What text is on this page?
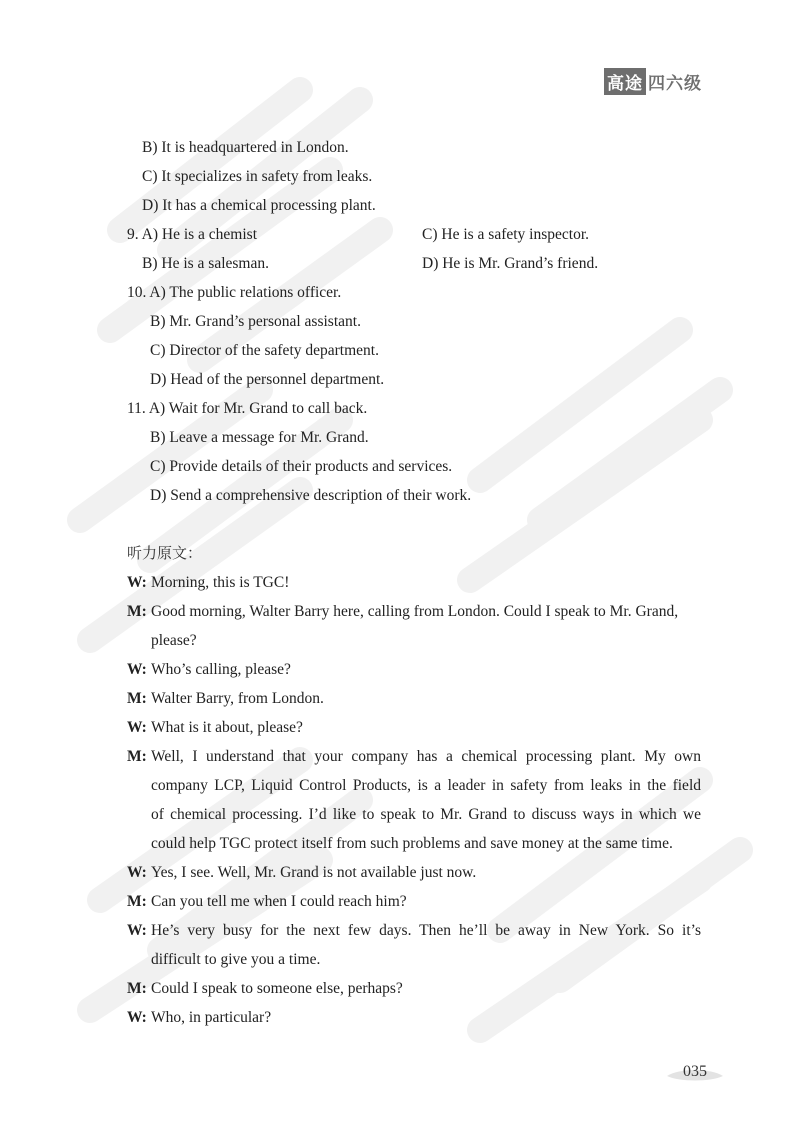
高途 四六级
B) It is headquartered in London.
C) It specializes in safety from leaks.
D) It has a chemical processing plant.
9. A) He is a chemist	C) He is a safety inspector.
B) He is a salesman.	D) He is Mr. Grand’s friend.
10. A) The public relations officer.
B) Mr. Grand’s personal assistant.
C) Director of the safety department.
D) Head of the personnel department.
11. A) Wait for Mr. Grand to call back.
B) Leave a message for Mr. Grand.
C) Provide details of their products and services.
D) Send a comprehensive description of their work.
听力原文：
W: Morning, this is TGC!
M: Good morning, Walter Barry here, calling from London. Could I speak to Mr. Grand,
please?
W: Who’s calling, please?
M: Walter Barry, from London.
W: What is it about, please?
M: Well, I understand that your company has a chemical processing plant. My own
company LCP, Liquid Control Products, is a leader in safety from leaks in the field
of chemical processing. I’d like to speak to Mr. Grand to discuss ways in which we
could help TGC protect itself from such problems and save money at the same time.
W: Yes, I see. Well, Mr. Grand is not available just now.
M: Can you tell me when I could reach him?
W: He’s very busy for the next few days. Then he’ll be away in New York. So it’s
difficult to give you a time.
M: Could I speak to someone else, perhaps?
W: Who, in particular?
035
